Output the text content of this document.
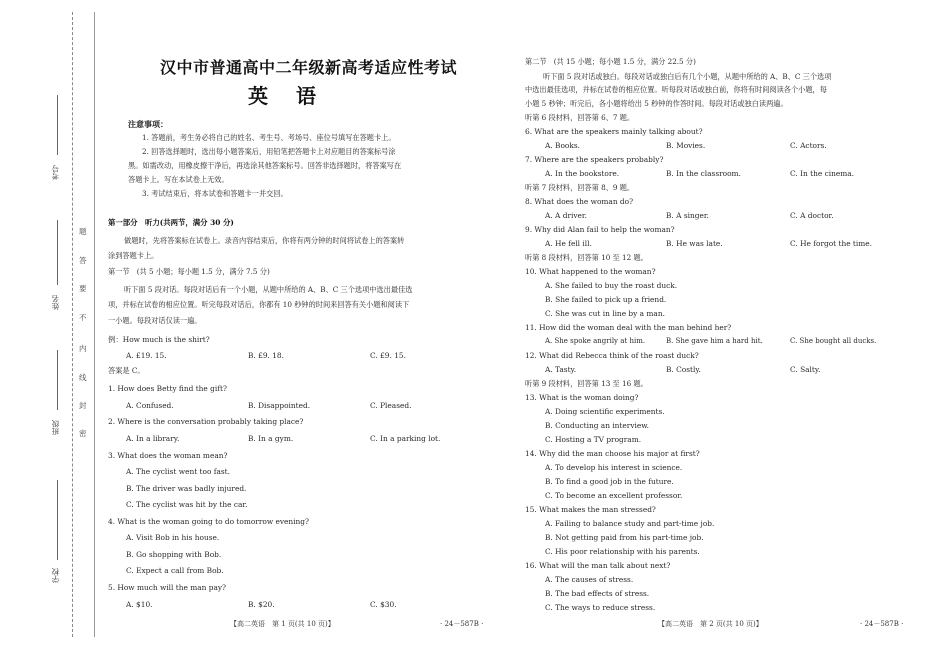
考号
姓名
班级
学校
题
答
要
不
内
线
封
密
汉中市普通高中二年级新高考适应性考试
英　语
注意事项：
1. 答题前，考生务必将自己的姓名、考生号、考场号、座位号填写在答题卡上。
2. 回答选择题时，选出每小题答案后，用铅笔把答题卡上对应题目的答案标号涂
黑。如需改动，用橡皮擦干净后，再选涂其他答案标号。回答非选择题时，将答案写在
答题卡上。写在本试卷上无效。
3. 考试结束后，将本试卷和答题卡一并交回。
第一部分　听力(共两节，满分 30 分)
做题时，先将答案标在试卷上。录音内容结束后，你将有两分钟的时间将试卷上的答案转
涂到答题卡上。
第一节　(共 5 小题；每小题 1.5 分，满分 7.5 分)
听下面 5 段对话。每段对话后有一个小题，从题中所给的 A、B、C 三个选项中选出最佳选
项，并标在试卷的相应位置。听完每段对话后，你都有 10 秒钟的时间来回答有关小题和阅读下
一小题。每段对话仅读一遍。
例：How much is the shirt?
A. £19. 15.	B. £9. 18.	C. £9. 15.
答案是 C。
1. How does Betty find the gift?
A. Confused.	B. Disappointed.	C. Pleased.
2. Where is the conversation probably taking place?
A. In a library.	B. In a gym.	C. In a parking lot.
3. What does the woman mean?
A. The cyclist went too fast.
B. The driver was badly injured.
C. The cyclist was hit by the car.
4. What is the woman going to do tomorrow evening?
A. Visit Bob in his house.
B. Go shopping with Bob.
C. Expect a call from Bob.
5. How much will the man pay?
A. $10.	B. $20.	C. $30.
【高二英语　第 1 页(共 10 页)】	· 24－587B ·
第二节　(共 15 小题；每小题 1.5 分，满分 22.5 分)
听下面 5 段对话或独白。每段对话或独白后有几个小题，从题中所给的 A、B、C 三个选项
中选出最佳选项，并标在试卷的相应位置。听每段对话或独白前，你将有时间阅读各个小题，每
小题 5 秒钟；听完后，各小题将给出 5 秒钟的作答时间。每段对话或独白读两遍。
听第 6 段材料，回答第 6、7 题。
6. What are the speakers mainly talking about?
A. Books.	B. Movies.	C. Actors.
7. Where are the speakers probably?
A. In the bookstore.	B. In the classroom.	C. In the cinema.
听第 7 段材料，回答第 8、9 题。
8. What does the woman do?
A. A driver.	B. A singer.	C. A doctor.
9. Why did Alan fail to help the woman?
A. He fell ill.	B. He was late.	C. He forgot the time.
听第 8 段材料，回答第 10 至 12 题。
10. What happened to the woman?
A. She failed to buy the roast duck.
B. She failed to pick up a friend.
C. She was cut in line by a man.
11. How did the woman deal with the man behind her?
A. She spoke angrily at him.	B. She gave him a hard hit.	C. She bought all ducks.
12. What did Rebecca think of the roast duck?
A. Tasty.	B. Costly.	C. Salty.
听第 9 段材料，回答第 13 至 16 题。
13. What is the woman doing?
A. Doing scientific experiments.
B. Conducting an interview.
C. Hosting a TV program.
14. Why did the man choose his major at first?
A. To develop his interest in science.
B. To find a good job in the future.
C. To become an excellent professor.
15. What makes the man stressed?
A. Failing to balance study and part-time job.
B. Not getting paid from his part-time job.
C. His poor relationship with his parents.
16. What will the man talk about next?
A. The causes of stress.
B. The bad effects of stress.
C. The ways to reduce stress.
【高二英语　第 2 页(共 10 页)】	· 24－587B ·
